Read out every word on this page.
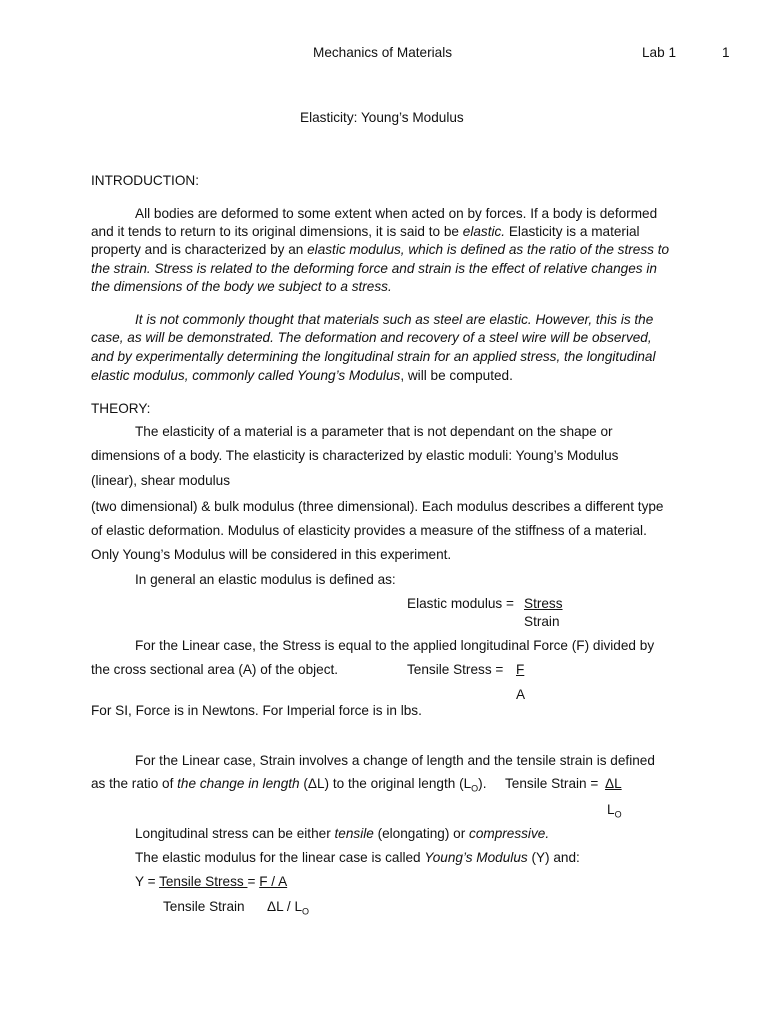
Mechanics of Materials	Lab 1	1
Elasticity: Young’s Modulus
INTRODUCTION:
All bodies are deformed to some extent when acted on by forces. If a body is deformed
and it tends to return to its original dimensions, it is said to be elastic. Elasticity is a material
property and is characterized by an elastic modulus, which is defined as the ratio of the stress to
the strain. Stress is related to the deforming force and strain is the effect of relative changes in
the dimensions of the body we subject to a stress.
It is not commonly thought that materials such as steel are elastic. However, this is the
case, as will be demonstrated. The deformation and recovery of a steel wire will be observed,
and by experimentally determining the longitudinal strain for an applied stress, the longitudinal
elastic modulus, commonly called Young’s Modulus, will be computed.
THEORY:
The elasticity of a material is a parameter that is not dependant on the shape or
dimensions of a body. The elasticity is characterized by elastic moduli: Young’s Modulus
(linear), shear modulus
(two dimensional) & bulk modulus (three dimensional). Each modulus describes a different type
of elastic deformation. Modulus of elasticity provides a measure of the stiffness of a material.
Only Young’s Modulus will be considered in this experiment.
In general an elastic modulus is defined as:
Elastic modulus = Stress
Strain
For the Linear case, the Stress is equal to the applied longitudinal Force (F) divided by
the cross sectional area (A) of the object.	Tensile Stress = F
A
For SI, Force is in Newtons. For Imperial force is in lbs.
For the Linear case, Strain involves a change of length and the tensile strain is defined
as the ratio of the change in length (ΔL) to the original length $(L_O)$. Tensile Strain = ΔL
$L_O$
Longitudinal stress can be either tensile (elongating) or compressive.
The elastic modulus for the linear case is called Young’s Modulus (Y) and:
Y = Tensile Stress = F / A
Tensile Strain ΔL / $L_O$
